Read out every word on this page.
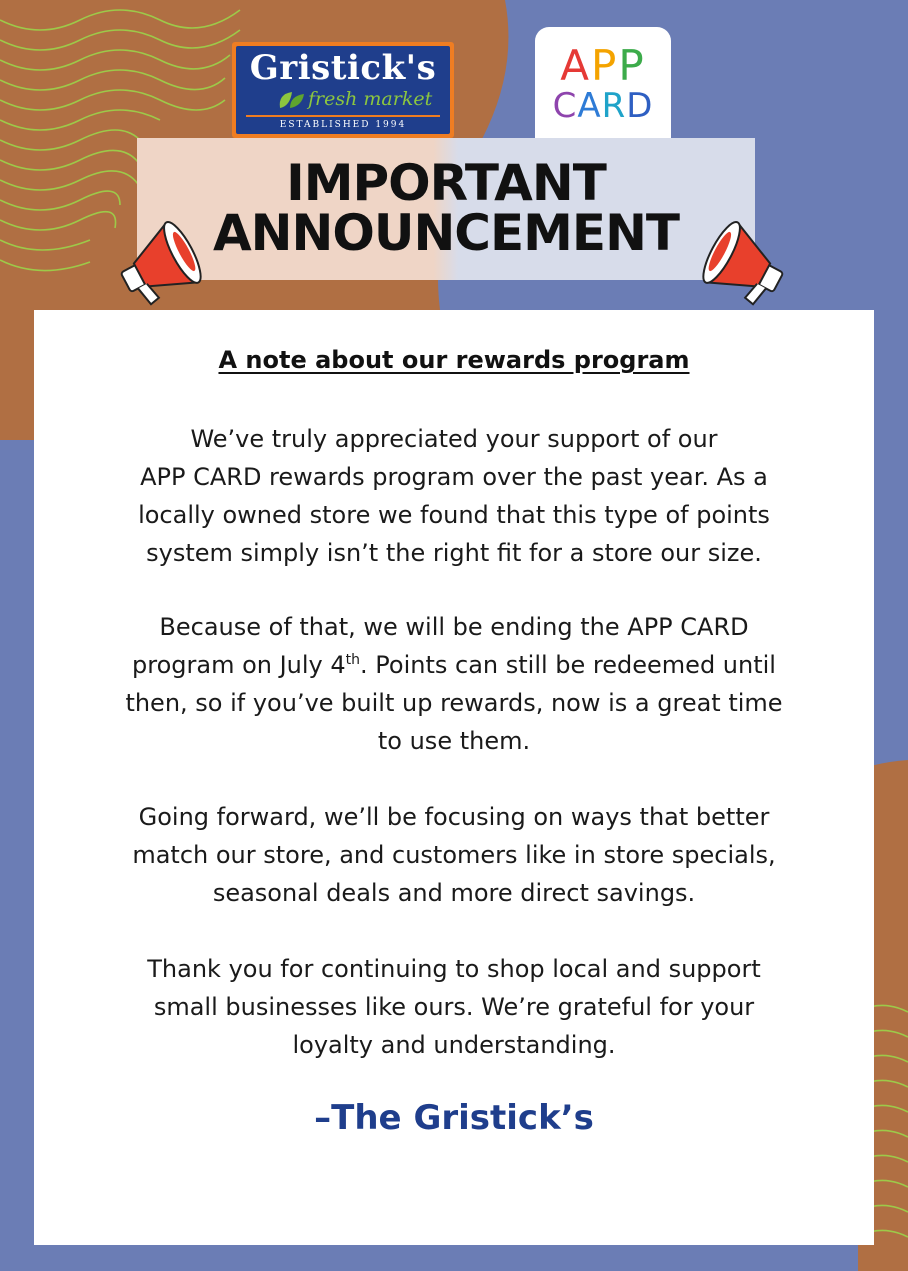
Gristick's
fresh market
ESTABLISHED 1994
APP
CARD
IMPORTANT
ANNOUNCEMENT
A note about our rewards program
We’ve truly appreciated your support of our
APP CARD rewards program over the past year. As a
locally owned store we found that this type of points
system simply isn’t the right fit for a store our size.
Because of that, we will be ending the APP CARD
program on July 4th. Points can still be redeemed until
then, so if you’ve built up rewards, now is a great time
to use them.
Going forward, we’ll be focusing on ways that better
match our store, and customers like in store specials,
seasonal deals and more direct savings.
Thank you for continuing to shop local and support
small businesses like ours. We’re grateful for your
loyalty and understanding.
–The Gristick’s
